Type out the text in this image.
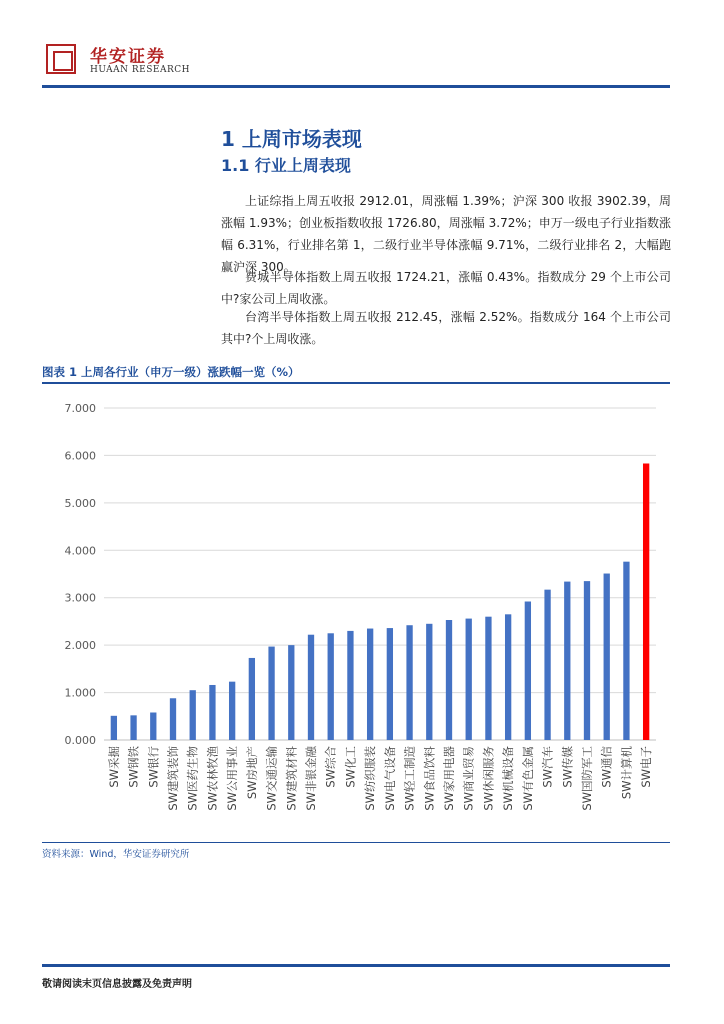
华安证券
HUAAN RESEARCH
1 上周市场表现
1.1 行业上周表现
上证综指上周五收报 2912.01，周涨幅 1.39%；沪深 300 收报 3902.39，周涨幅 1.93%；创业板指数收报 1726.80，周涨幅 3.72%；申万一级电子行业指数涨幅 6.31%，行业排名第 1，二级行业半导体涨幅 9.71%，二级行业排名 2，大幅跑赢沪深 300。
费城半导体指数上周五收报 1724.21，涨幅 0.43%。指数成分 29 个上市公司中?家公司上周收涨。
台湾半导体指数上周五收报 212.45，涨幅 2.52%。指数成分 164 个上市公司其中?个上周收涨。
图表 1 上周各行业（申万一级）涨跌幅一览（%）
0.000
1.000
2.000
3.000
4.000
5.000
6.000
7.000
SW采掘 SW钢铁 SW银行 SW建筑装饰 SW医药生物 SW农林牧渔 SW公用事业 SW房地产 SW交通运输 SW建筑材料 SW非银金融 SW综合 SW化工 SW纺织服装 SW电气设备 SW轻工制造 SW食品饮料 SW家用电器 SW商业贸易 SW休闲服务 SW机械设备 SW有色金属 SW汽车 SW传媒 SW国防军工 SW通信 SW计算机 SW电子
资料来源：Wind，华安证券研究所
敬请阅读末页信息披露及免责声明
